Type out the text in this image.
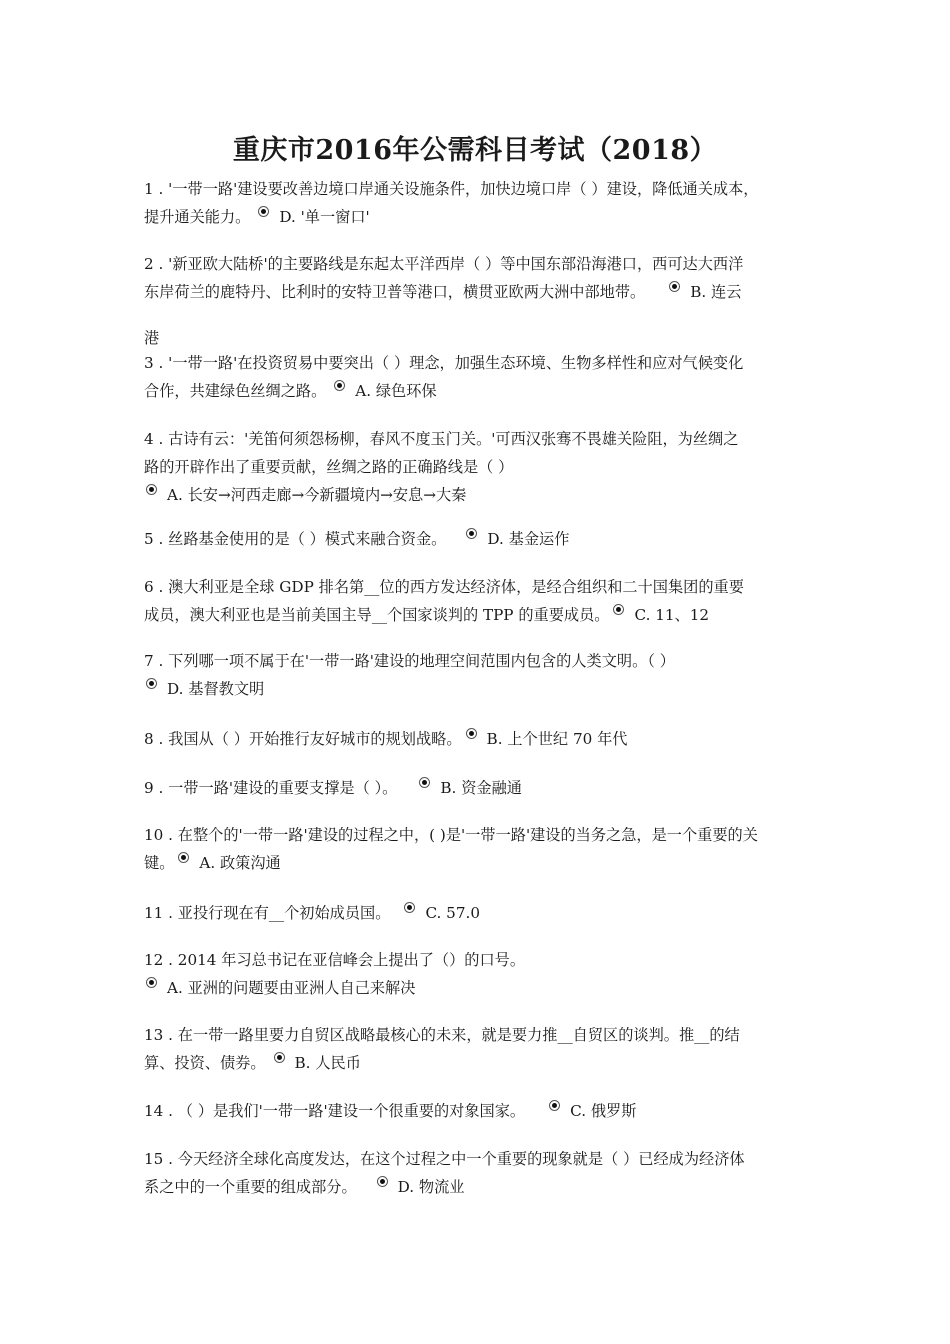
重庆市2016年公需科目考试（2018）
1 . '一带一路'建设要改善边境口岸通关设施条件，加快边境口岸（ ）建设，降低通关成本，
提升通关能力。 D. '单一窗口'
2 . '新亚欧大陆桥'的主要路线是东起太平洋西岸（ ）等中国东部沿海港口，西可达大西洋
东岸荷兰的鹿特丹、比利时的安特卫普等港口，横贯亚欧两大洲中部地带。	B. 连云
港
3 . '一带一路'在投资贸易中要突出（ ）理念，加强生态环境、生物多样性和应对气候变化
合作，共建绿色丝绸之路。 A. 绿色环保
4 . 古诗有云：'羌笛何须怨杨柳，春风不度玉门关。'可西汉张骞不畏雄关险阻，为丝绸之
路的开辟作出了重要贡献，丝绸之路的正确路线是（ ）
A. 长安→河西走廊→今新疆境内→安息→大秦
5 . 丝路基金使用的是（ ）模式来融合资金。	D. 基金运作
6 . 澳大利亚是全球 GDP 排名第__位的西方发达经济体，是经合组织和二十国集团的重要
成员，澳大利亚也是当前美国主导__个国家谈判的 TPP 的重要成员。 C. 11、12
7 . 下列哪一项不属于在'一带一路'建设的地理空间范围内包含的人类文明。（ ）
D. 基督教文明
8 . 我国从（ ）开始推行友好城市的规划战略。 B. 上个世纪 70 年代
9 . 一带一路'建设的重要支撑是（ ）。	B. 资金融通
10 . 在整个的'一带一路'建设的过程之中，( )是'一带一路'建设的当务之急，是一个重要的关
键。 A. 政策沟通
11 . 亚投行现在有__个初始成员国。 C. 57.0
12 . 2014 年习总书记在亚信峰会上提出了（）的口号。
A. 亚洲的问题要由亚洲人自己来解决
13 . 在一带一路里要力自贸区战略最核心的未来，就是要力推__自贸区的谈判。推__的结
算、投资、债券。 B. 人民币
14 . （ ）是我们'一带一路'建设一个很重要的对象国家。	C. 俄罗斯
15 . 今天经济全球化高度发达，在这个过程之中一个重要的现象就是（ ）已经成为经济体
系之中的一个重要的组成部分。	D. 物流业
